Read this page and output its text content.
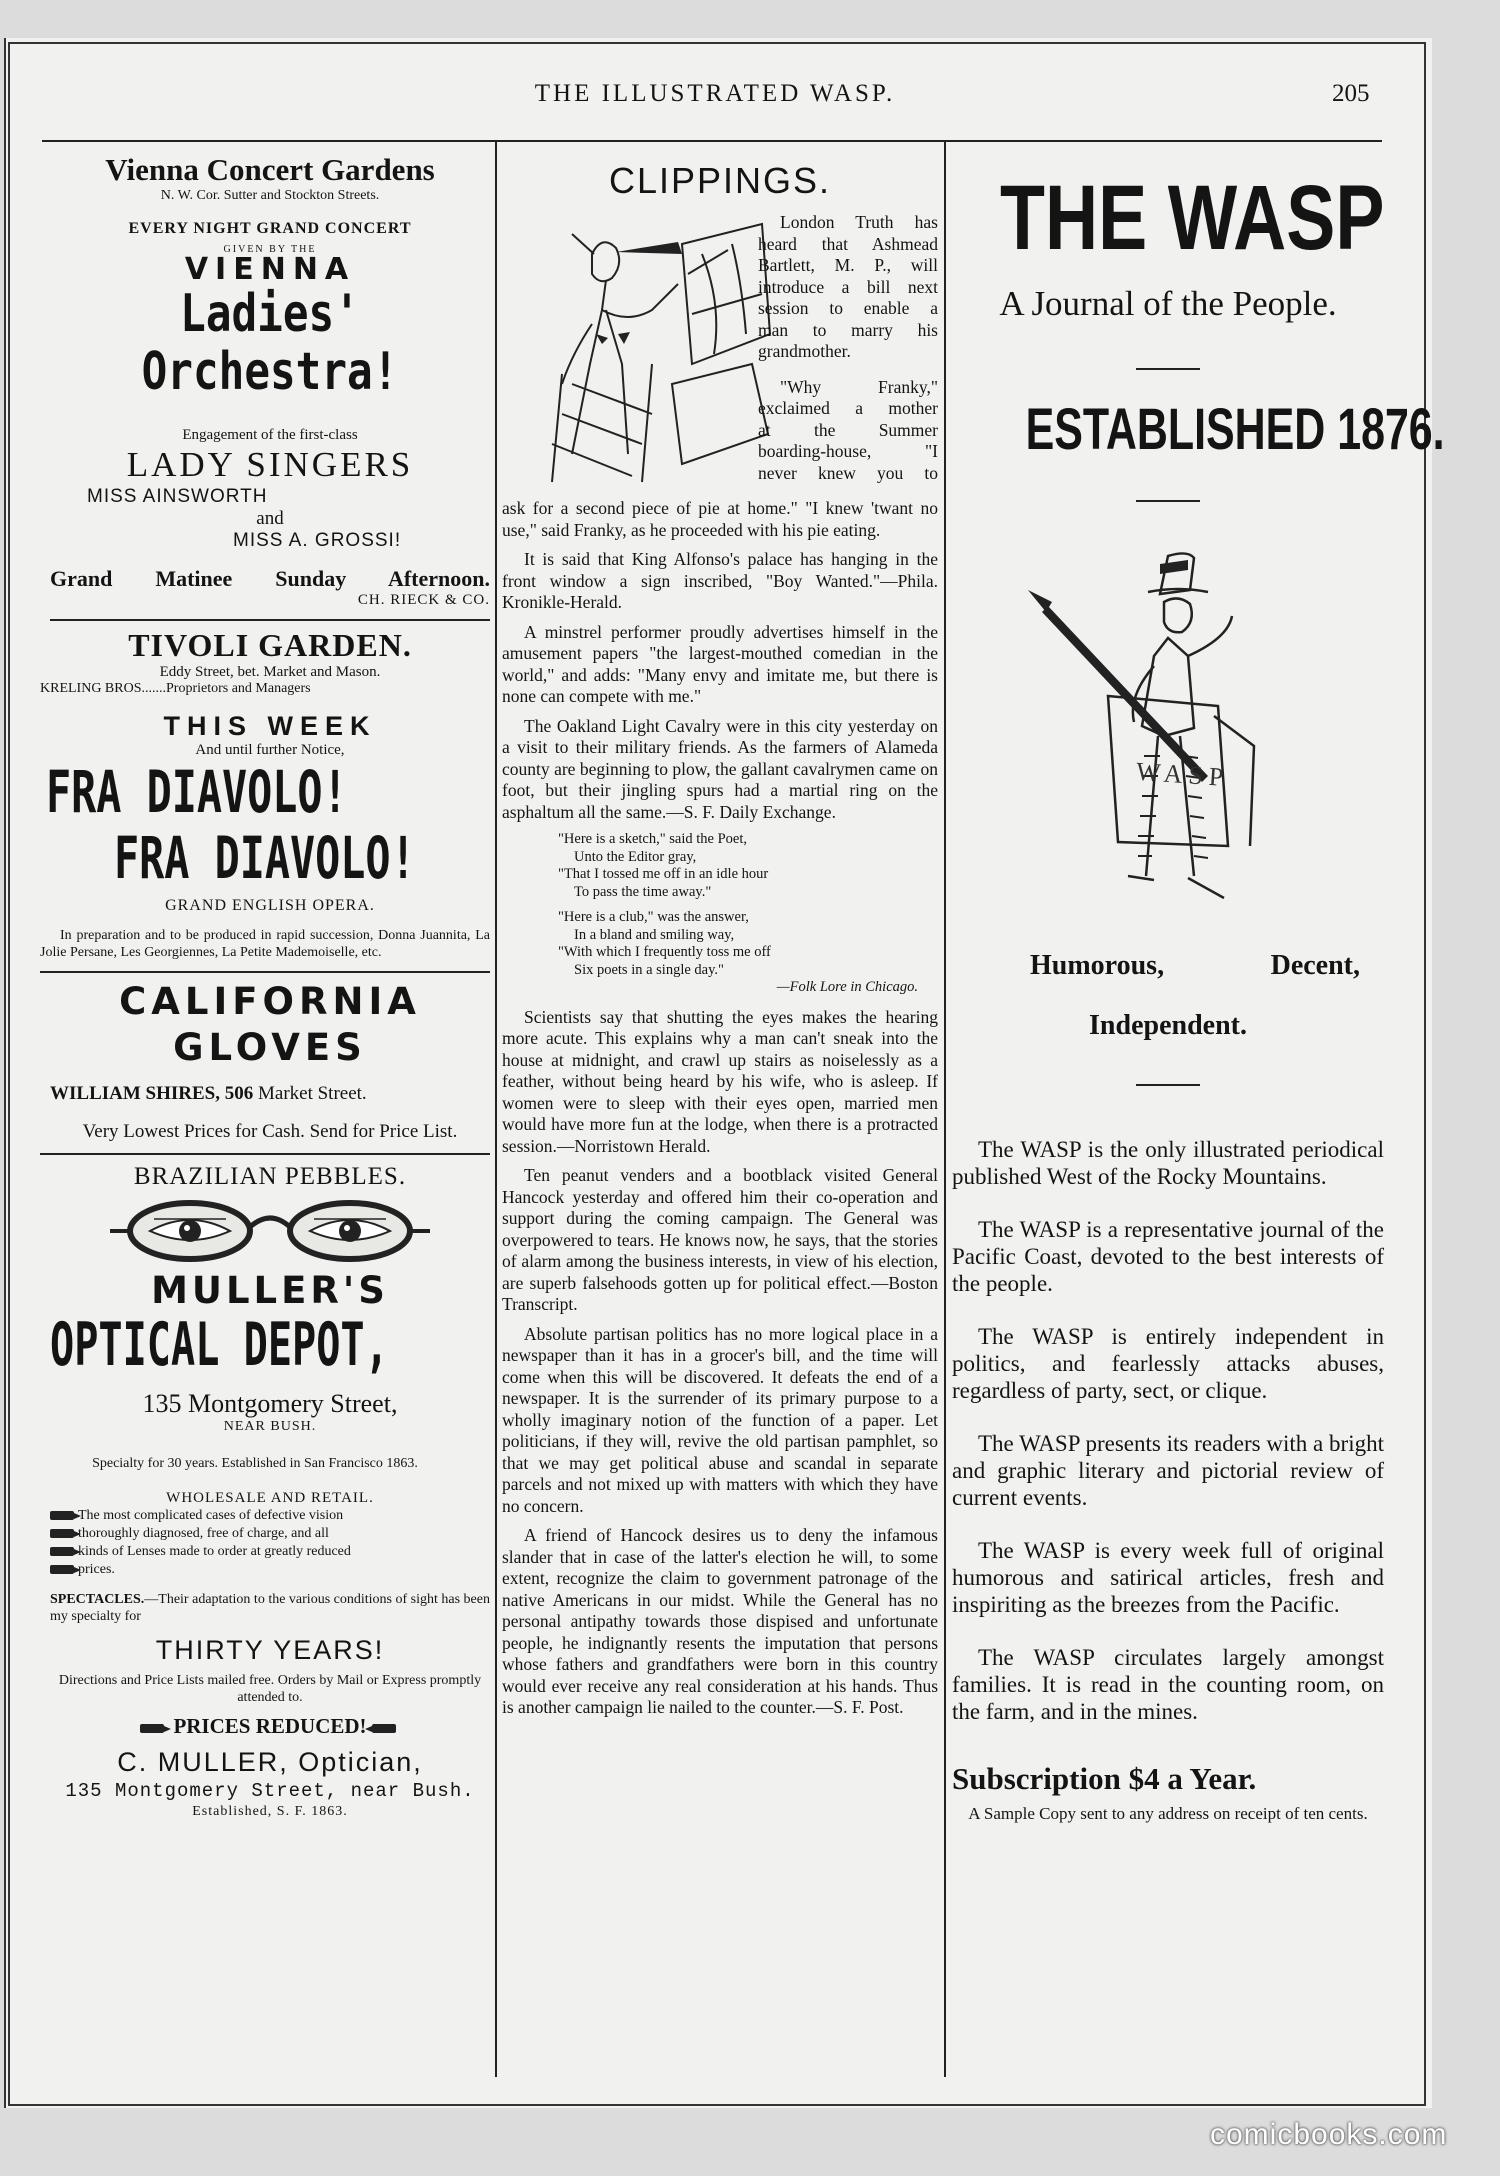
THE ILLUSTRATED WASP.	205
Vienna Concert Gardens
N. W. Cor. Sutter and Stockton Streets.
EVERY NIGHT GRAND CONCERT
GIVEN BY THE
VIENNA
Ladies' Orchestra!
Engagement of the first-class
LADY SINGERS
MISS AINSWORTH
and
MISS A. GROSSI!
Grand Matinee Sunday Afternoon.
CH. RIECK & CO.
TIVOLI GARDEN.
Eddy Street, bet. Market and Mason.
KRELING BROS.......Proprietors and Managers
THIS WEEK
And until further Notice,
FRA DIAVOLO!
FRA DIAVOLO!
GRAND ENGLISH OPERA.
In preparation and to be produced in rapid succession, Donna Juannita, La Jolie Persane, Les Georgiennes, La Petite Mademoiselle, etc.
CALIFORNIA
GLOVES
WILLIAM SHIRES, 506 Market Street.
Very Lowest Prices for Cash. Send for Price List.
BRAZILIAN PEBBLES.
MULLER'S
OPTICAL DEPOT,
135 Montgomery Street,
NEAR BUSH.
Specialty for 30 years. Established in San Francisco 1863.
WHOLESALE AND RETAIL.
The most complicated cases of defective vision
thoroughly diagnosed, free of charge, and all
kinds of Lenses made to order at greatly reduced
prices.
SPECTACLES.—Their adaptation to the various conditions of sight has been my specialty for
THIRTY YEARS!
Directions and Price Lists mailed free. Orders by Mail or Express promptly attended to.
PRICES REDUCED!
C. MULLER, Optician,
135 Montgomery Street, near Bush.
Established, S. F. 1863.
CLIPPINGS.
London Truth has
heard that Ashmead
Bartlett, M. P., will
introduce a bill next
session to enable a
man to marry his
grandmother.
"Why Franky,"
exclaimed a mother
at the Summer
boarding-house, "I
never knew you to

ask for a second piece of pie at home." "I knew 'twant no use," said Franky, as he proceeded with his pie eating.

It is said that King Alfonso's palace has hanging in the front window a sign inscribed, "Boy Wanted."—Phila. Kronikle-Herald.

A minstrel performer proudly advertises himself in the amusement papers "the largest-mouthed comedian in the world," and adds: "Many envy and imitate me, but there is none can compete with me."

The Oakland Light Cavalry were in this city yesterday on a visit to their military friends. As the farmers of Alameda county are beginning to plow, the gallant cavalrymen came on foot, but their jingling spurs had a martial ring on the asphaltum all the same.—S. F. Daily Exchange.

"Here is a sketch," said the Poet,
Unto the Editor gray,
"That I tossed me off in an idle hour
To pass the time away."
"Here is a club," was the answer,
In a bland and smiling way,
"With which I frequently toss me off
Six poets in a single day."
—Folk Lore in Chicago.

Scientists say that shutting the eyes makes the hearing more acute. This explains why a man can't sneak into the house at midnight, and crawl up stairs as noiselessly as a feather, without being heard by his wife, who is asleep. If women were to sleep with their eyes open, married men would have more fun at the lodge, when there is a protracted session.—Norristown Herald.

Ten peanut venders and a bootblack visited General Hancock yesterday and offered him their co-operation and support during the coming campaign. The General was overpowered to tears. He knows now, he says, that the stories of alarm among the business interests, in view of his election, are superb falsehoods gotten up for political effect.—Boston Transcript.

Absolute partisan politics has no more logical place in a newspaper than it has in a grocer's bill, and the time will come when this will be discovered. It defeats the end of a newspaper. It is the surrender of its primary purpose to a wholly imaginary notion of the function of a paper. Let politicians, if they will, revive the old partisan pamphlet, so that we may get political abuse and scandal in separate parcels and not mixed up with matters with which they have no concern.

A friend of Hancock desires us to deny the infamous slander that in case of the latter's election he will, to some extent, recognize the claim to government patronage of the native Americans in our midst. While the General has no personal antipathy towards those dispised and unfortunate people, he indignantly resents the imputation that persons whose fathers and grandfathers were born in this country would ever receive any real consideration at his hands. Thus is another campaign lie nailed to the counter.—S. F. Post.

THE WASP
A Journal of the People.
ESTABLISHED 1876.
WASP
Humorous,	Decent,
Independent.

The WASP is the only illustrated periodical published West of the Rocky Mountains.

The WASP is a representative journal of the Pacific Coast, devoted to the best interests of the people.

The WASP is entirely independent in politics, and fearlessly attacks abuses, regardless of party, sect, or clique.

The WASP presents its readers with a bright and graphic literary and pictorial review of current events.

The WASP is every week full of original humorous and satirical articles, fresh and inspiriting as the breezes from the Pacific.

The WASP circulates largely amongst families. It is read in the counting room, on the farm, and in the mines.

Subscription $4 a Year.
A Sample Copy sent to any address on receipt of ten cents.
comicbooks.com
